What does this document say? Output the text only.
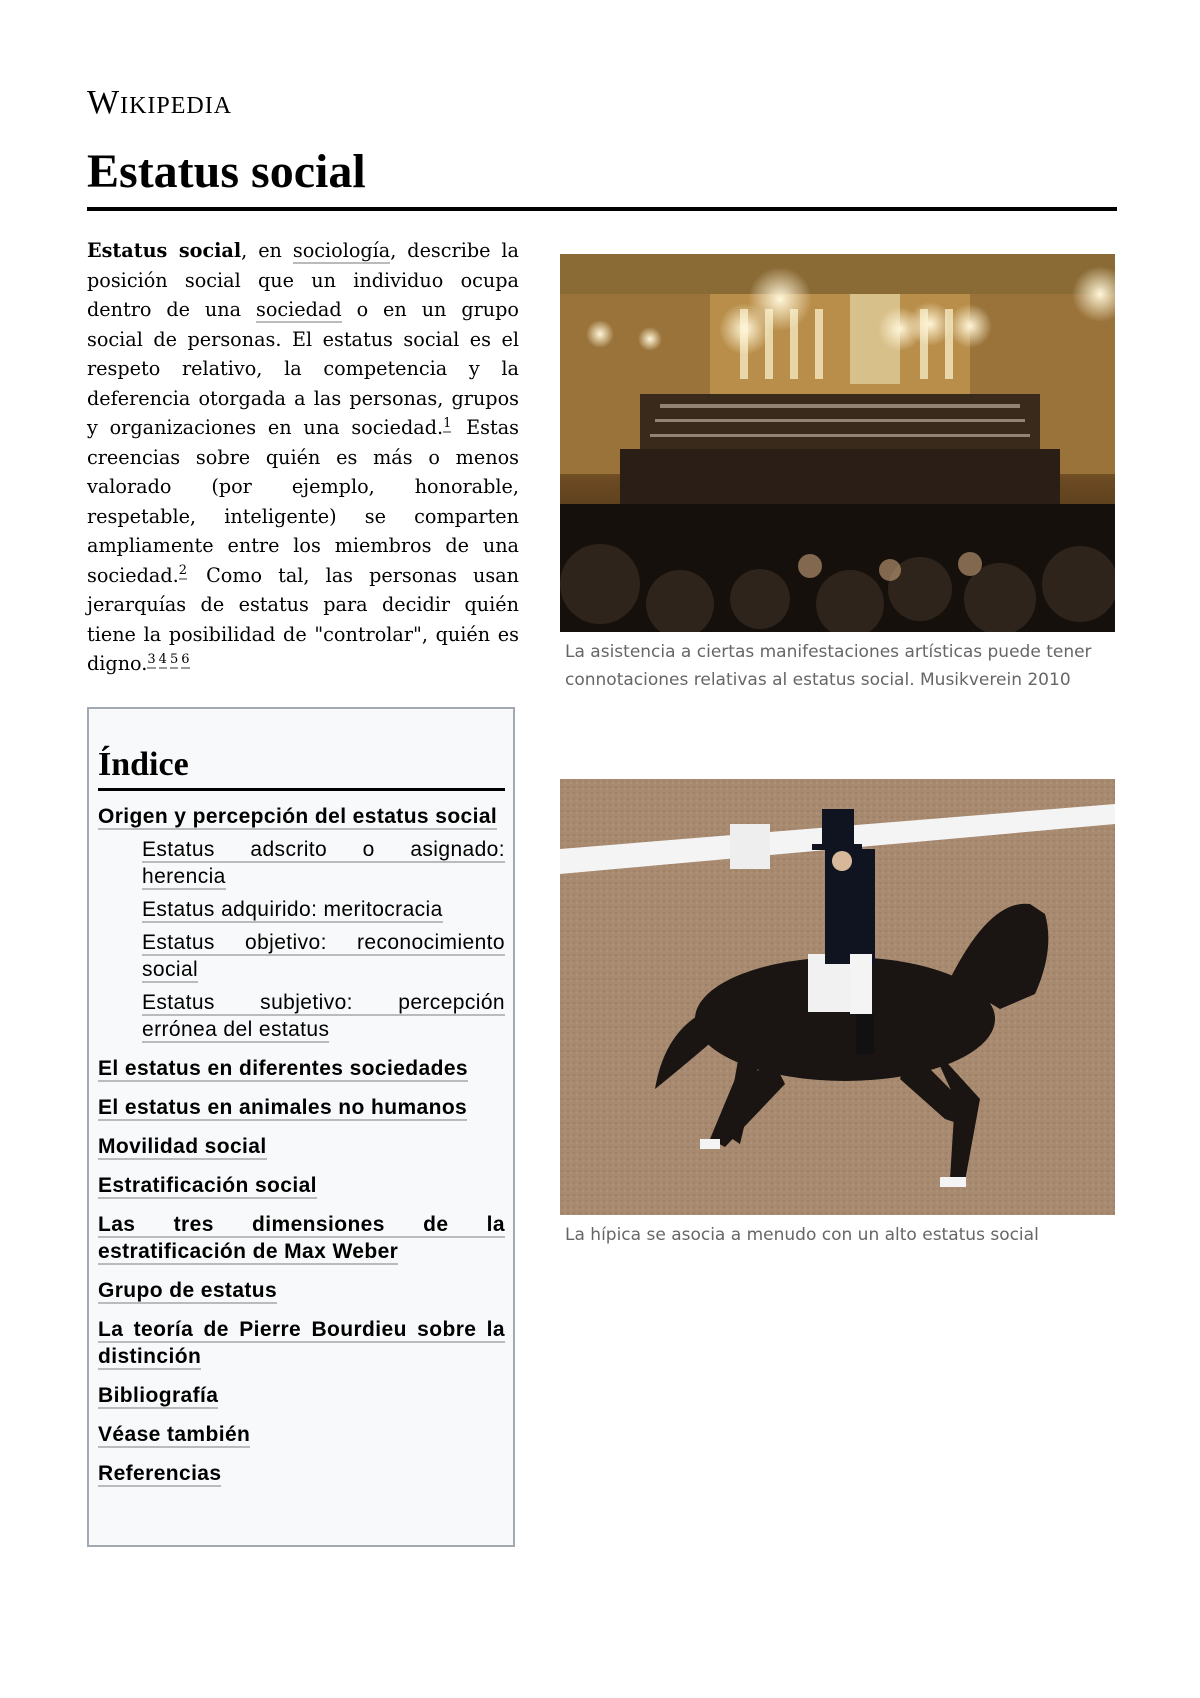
Wikipedia
Estatus social

Estatus social, en sociología, describe la posición social que un individuo ocupa dentro de una sociedad o en un grupo social de personas. El estatus social es el respeto relativo, la competencia y la deferencia otorgada a las personas, grupos y organizaciones en una sociedad.$^1$ Estas creencias sobre quién es más o menos valorado (por ejemplo, honorable, respetable, inteligente) se comparten ampliamente entre los miembros de una sociedad.$^2$ Como tal, las personas usan jerarquías de estatus para decidir quién tiene la posibilidad de "controlar", quién es digno.$^{3 4 5 6}$

Índice
Origen y percepción del estatus social
Estatus adscrito o asignado: herencia
Estatus adquirido: meritocracia
Estatus objetivo: reconocimiento social
Estatus subjetivo: percepción errónea del estatus
El estatus en diferentes sociedades
El estatus en animales no humanos
Movilidad social
Estratificación social
Las tres dimensiones de la estratificación de Max Weber
Grupo de estatus
La teoría de Pierre Bourdieu sobre la distinción
Bibliografía
Véase también
Referencias
La asistencia a ciertas manifestaciones artísticas puede tener connotaciones relativas al estatus social. Musikverein 2010
La hípica se asocia a menudo con un alto estatus social
